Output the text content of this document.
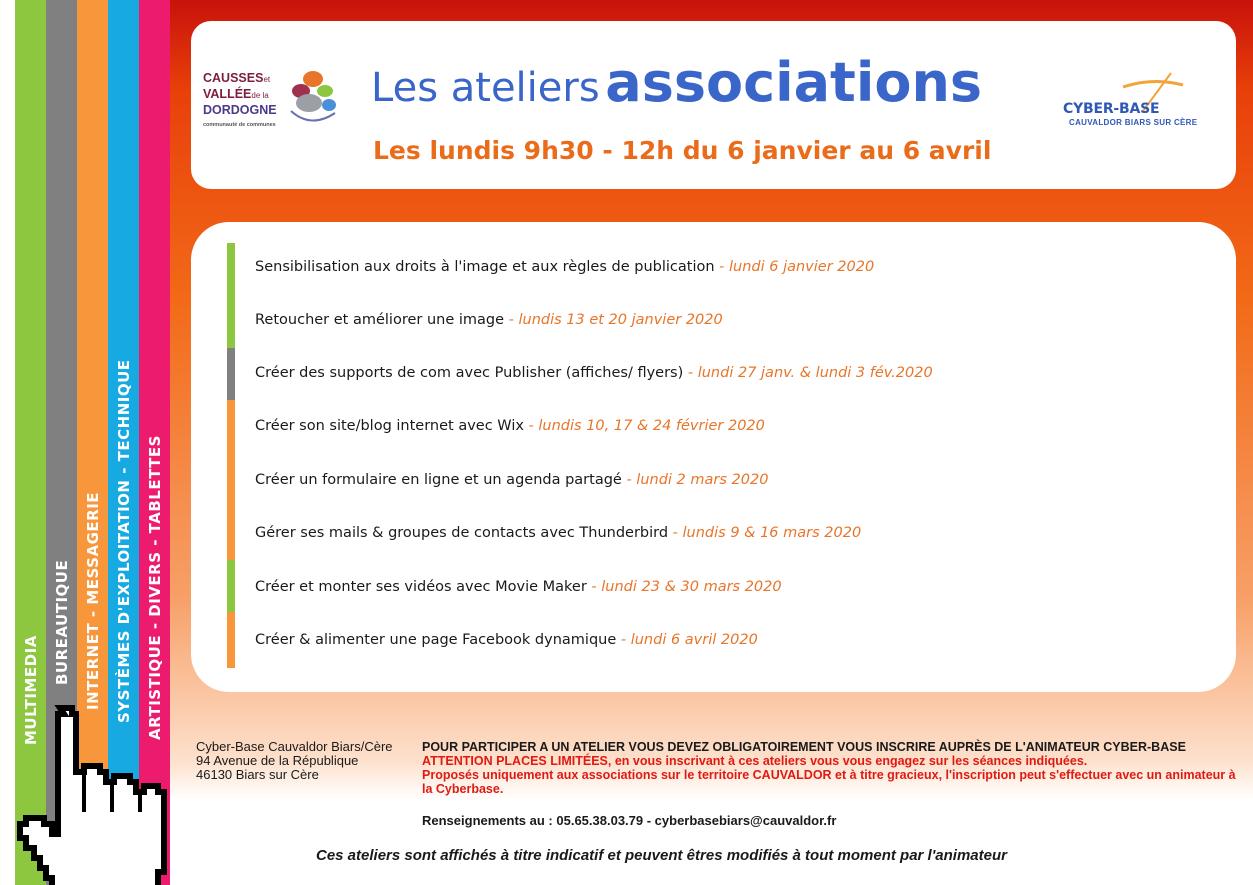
MULTIMEDIA
BUREAUTIQUE INTERNET - MESSAGERIE SYSTÈMES D'EXPLOITATION - TECHNIQUE ARTISTIQUE - DIVERS - TABLETTES
CAUSSESet
VALLÉEde la
DORDOGNE
communauté de communes
Les ateliers associations
Les lundis 9h30 - 12h du 6 janvier au 6 avril
CYBER-BASE
CAUVALDOR BIARS SUR CÈRE
Sensibilisation aux droits à l'image et aux règles de publication - lundi 6 janvier 2020
Retoucher et améliorer une image - lundis 13 et 20 janvier 2020
Créer des supports de com avec Publisher (affiches/ flyers) - lundi 27 janv. & lundi 3 fév.2020
Créer son site/blog internet avec Wix - lundis 10, 17 & 24 février 2020
Créer un formulaire en ligne et un agenda partagé - lundi 2 mars 2020
Gérer ses mails & groupes de contacts avec Thunderbird - lundis 9 & 16 mars 2020
Créer et monter ses vidéos avec Movie Maker - lundi 23 & 30 mars 2020
Créer & alimenter une page Facebook dynamique - lundi 6 avril 2020
Cyber-Base Cauvaldor Biars/Cère
94 Avenue de la République
46130 Biars sur Cère
POUR PARTICIPER A UN ATELIER VOUS DEVEZ OBLIGATOIREMENT VOUS INSCRIRE AUPRÈS DE L'ANIMATEUR CYBER-BASE
ATTENTION PLACES LIMITÉES, en vous inscrivant à ces ateliers vous vous engagez sur les séances indiquées.
Proposés uniquement aux associations sur le territoire CAUVALDOR et à titre gracieux, l'inscription peut s'effectuer avec un animateur à la Cyberbase.
Renseignements au : 05.65.38.03.79 - cyberbasebiars@cauvaldor.fr
Ces ateliers sont affichés à titre indicatif et peuvent êtres modifiés à tout moment par l'animateur
